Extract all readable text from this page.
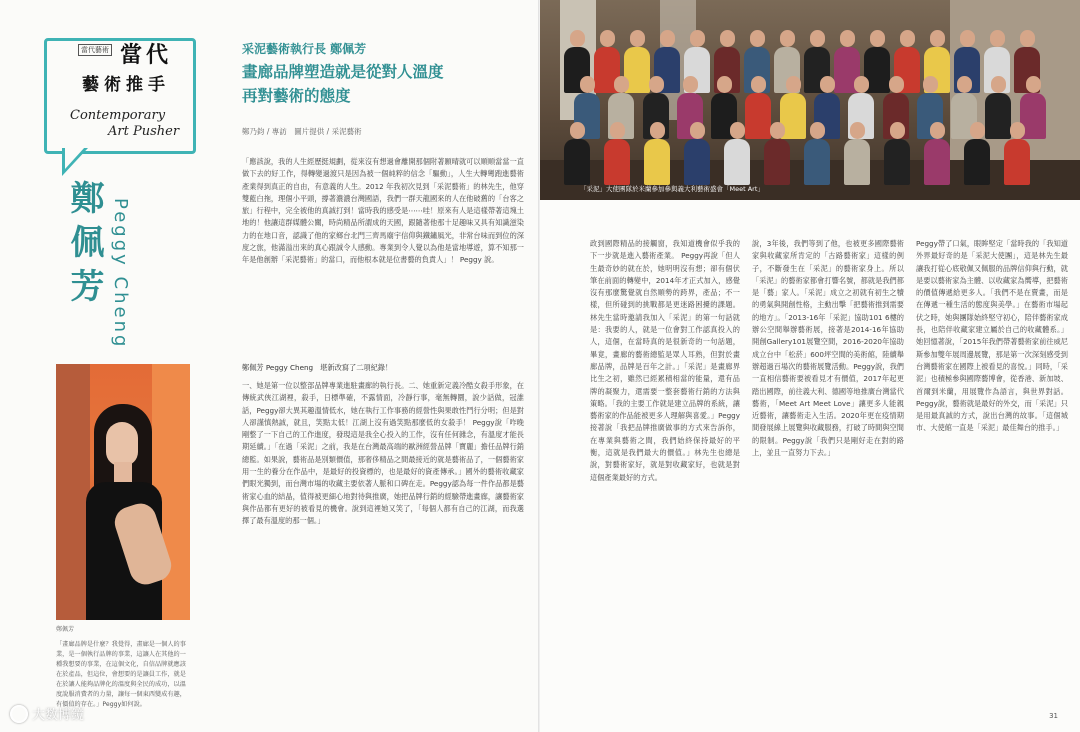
當代藝術 當代
藝術推手
Contemporary
Art Pusher
鄭佩芳 Peggy Cheng
采泥藝術執行長 鄭佩芳
畫廊品牌塑造就是從對人溫度
再對藝術的態度
鄭乃鈞 / 專訪　圖片提供 / 采泥藝術
「應該說，我的人生經歷挺規劃，從來沒有想過會離開那個附著願晴就可以順順當當一直做下去的好工作，得轉變過渡只是因為被一個純粹的信念「驅動」，人生大轉彎跑進藝術產業得到真正的自由，有意義的人生。2012 年我初次見到「采泥藝術」的林先生，他穿雙藍白拖，理個小平頭，撐著濃濃台灣國語，我們一群天龍國來的人在他破舊的「台客之旅」行程中，完全被他的真誠打到！當時我的感受是⋯⋯哇！原來有人是這樣帶著這塊土地的！他讓這群媒體公關，時尚精品所謂成的天國，跟隨著他那十足趣味又具有知識滋染力的在地口音，認識了他的家鄉台北門三齊馬廟宇信仰與鐵鏽風光，非常台味而到位的深度之旅，他滿溢出來的真心跟誠令人感動。專業到令人覺以為他是當地導遊，算不知那一年是他創辦「采泥藝術」的當口，而他根本就是位書藝的負責人」！ Peggy 說。
鄭佩芳 Peggy Cheng　堪新改寫了二項紀錄！
一、她是第一位以整部品牌專業進駐畫廊的執行長。二、她重新定義冷酷女殺手形象，在傳統武俠江湖裡，殺手，日標準確，不露情面，冷靜行事，毫無轉圜，說少話做，冠誰話，Peggy卻大異其趣溫情低水，她在執行工作事務的經營性與果敢性鬥行分明；但是對人卻謹慎熱誠，就且，笑點太低！江湖上沒有過笑點那麼低的女殺手！ Peggy說「咋晚剛整了一下自己的工作進度，發現這是我全心投入的工作，沒有任何雜念，有溫度才能長期延續。」「在過「采泥」之前，我是在台灣最高端的歐洲經營品牌「寶麗」擔任品牌行銷總監。如果說，藝術品是別類價值，那奢侈精品之間最接近的就是藝術品了，一個藝術家用一生的養分在作品中，是最好的投資標的，也是最好的資產傳承。」國外的藝術收藏家們眼光獨到，而台灣市場的收藏主要依著人脈和口碑在走。Peggy認為每一件作品都是藝術家心血的結晶，值得被更細心地對待與推廣，她把品牌行銷的經驗帶進畫廊，讓藝術家與作品都有更好的被看見的機會。說到這裡她又笑了，「每個人都有自己的江湖，而我選擇了最有溫度的那一個。」
鄭佩芳
「畫廊品牌是什麼？我覺得，畫廊是一個人的事業，是一個執行品牌的事業，這讓人在其他的一種我想要的事業，在這個文化，自信品牌就應該在於產品，但這位，會想要的是讓員工作，就是在於讓人能夠品牌化的溫度與全民的成功，以溫度說服消費者的力量，讓每一個東西變成有趣，有價值的存在。」Peggy如何說。
「采泥」大使團隊於米蘭參加參與義大利藝術盛會「Meet Art」
政到國際精品的接觸窗，我知道機會似乎我的下一步就是進入藝術產業。 Peggy再說「但人生最奇妙的就在於，她明明沒有想；卻有個伏筆在前面的轉變中，2014年才正式加入，感覺沒有那麼驚覺就自然順勢的跨界，產品；不一樣，但所碰到的挑戰都是更迷路困擾的課題。林先生當時邀請我加入「采泥」的第一句話就是：我要的人，就是一位會對工作認真投入的人，這個，在當時真的是很新奇的一句話題，畢竟，畫廊的藝術總監是眾人耳熟，但對於畫廊品牌，品牌是百年之計。」「采泥」是畫廊界比生之初，雖然已經累積相當的能量，還有品牌的凝聚力，還需要一整套藝術行銷的方法與策略。「我的主要工作就是建立品牌的系統，讓藝術家的作品能被更多人理解與喜愛。」Peggy接著說「我把品牌推廣做事的方式來告訴你，在專業與藝術之間，我們始終保持最好的平衡，這就是我們最大的價值。」林先生也總是說，對藝術家好，就是對收藏家好，也就是對這個產業最好的方式。
說，3年後，我們等到了他，也被更多國際藝術家與收藏家所肯定的「古路藝術家」這樣的例子，不斷發生在「采泥」的藝術家身上。所以「采泥」的藝術家都會打響名號，都就是我們都是「藝」家人。「采泥」成立之初就有初生之犢的勇氣與開創性格，主動出擊「把藝術推到需要的地方」。「2013-16年「采泥」協助101 6樓的辦公空間舉辦藝術展，接著是2014-16年協助開創Gallery101展覽空間，2016-2020年協助成立台中「松菸」600坪空間的美術館，陸續舉辦超過百場次的藝術展覽活動。Peggy說，我們一直相信藝術要被看見才有價值，2017年起更踏出國際，前往義大利、德國等地推廣台灣當代藝術，「Meet Art Meet Love」讓更多人能親近藝術，讓藝術走入生活。2020年更在疫情期間發展線上展覽與收藏服務，打破了時間與空間的限制。Peggy說「我們只是剛好走在對的路上，並且一直努力下去。」
Peggy帶了口氣，眼眸堅定「當時我的「我知道外界最好奇的是「采泥大使團」，這是林先生最讓我打從心底敬佩又佩服的品牌信仰與行動，就是要以藝術家為主體、以收藏家為嚮導，把藝術的價值傳遞給更多人。「我們不是在賣畫，而是在傳遞一種生活的態度與美學。」在藝術市場起伏之時，她與團隊始終堅守初心，陪伴藝術家成長，也陪伴收藏家建立屬於自己的收藏體系。」她回憶著說，「2015年我們帶著藝術家前往威尼斯參加雙年展周邊展覽，那是第一次深刻感受到台灣藝術家在國際上被看見的喜悅。」同時，「采泥」也積極參與國際藝博會，從香港、新加坡、首爾到米蘭，用展覽作為語言，與世界對話。Peggy說，藝術就是最好的外交，而「采泥」只是用最真誠的方式，說出台灣的故事。「這個城市、大使館一直是「采泥」最佳舞台的推手。」
31
大数博鏡
